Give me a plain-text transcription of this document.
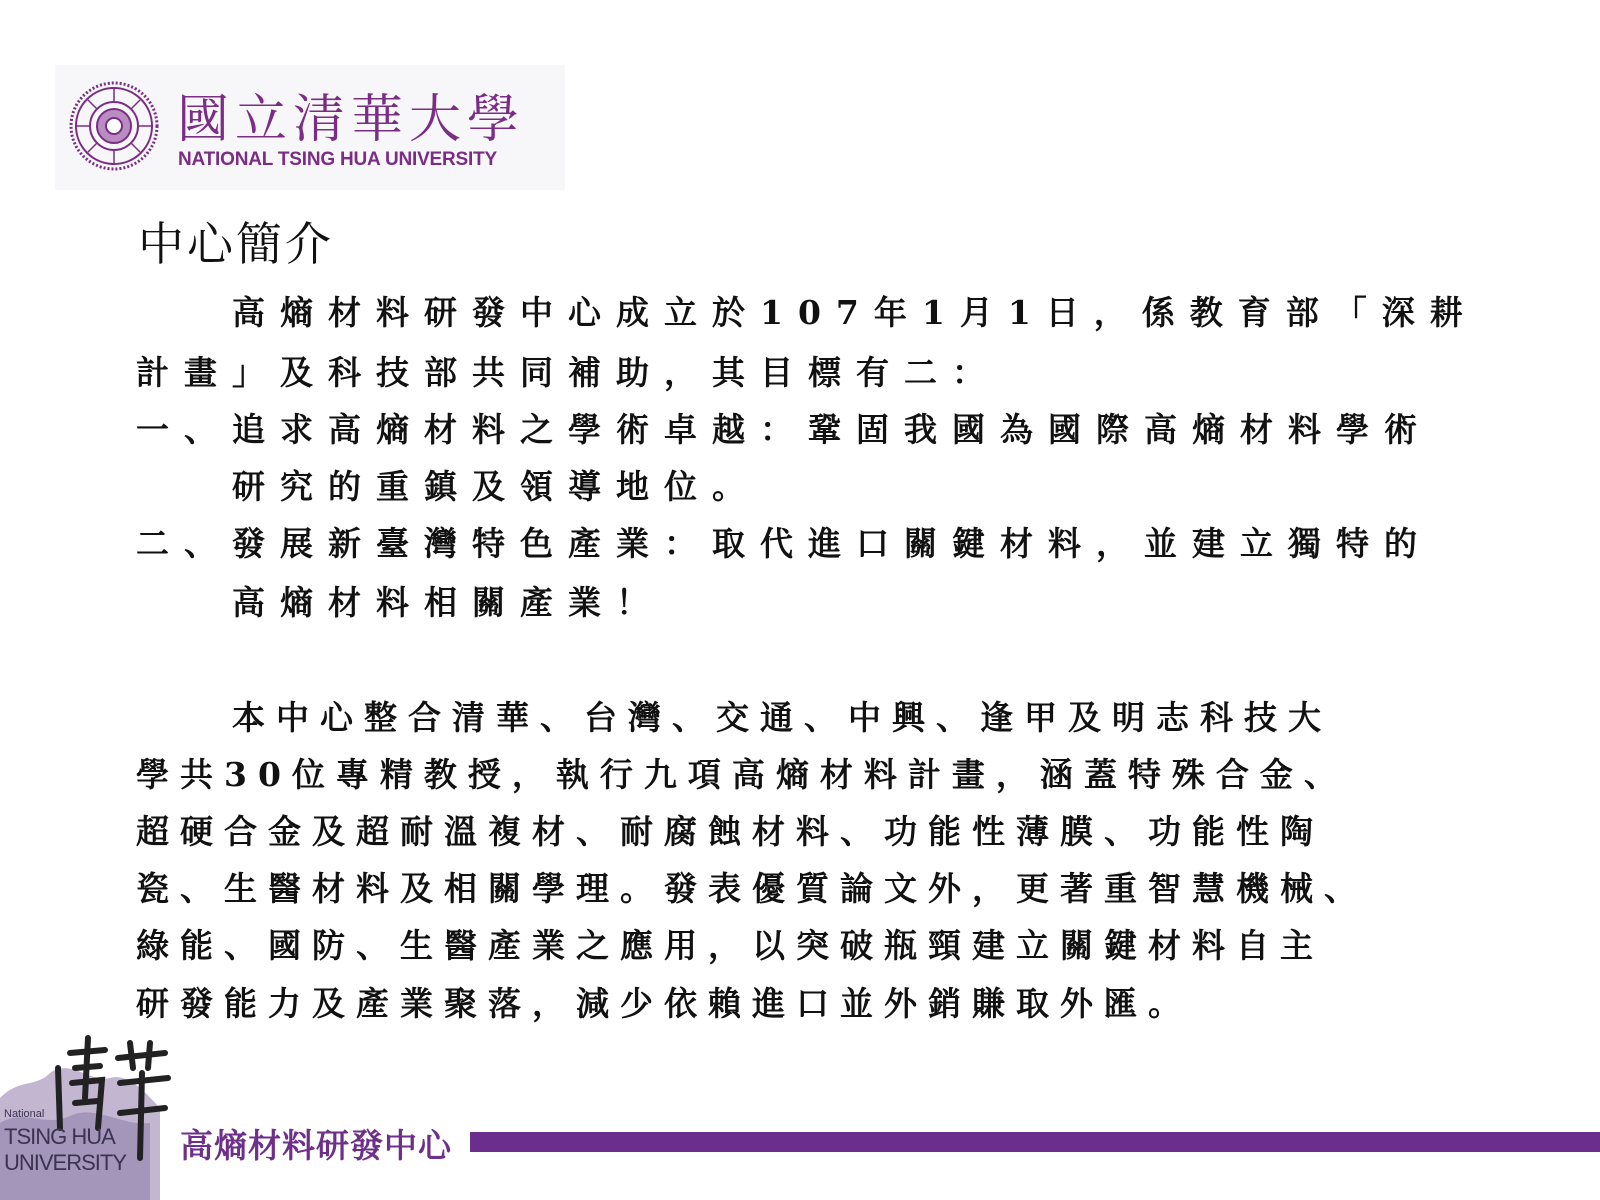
國立清華大學
NATIONAL TSING HUA UNIVERSITY
中心簡介
高熵材料研發中心成立於107年1月1日，係教育部「深耕
計畫」及科技部共同補助，其目標有二：
一、追求高熵材料之學術卓越：鞏固我國為國際高熵材料學術
研究的重鎮及領導地位。
二、發展新臺灣特色產業：取代進口關鍵材料，並建立獨特的
高熵材料相關產業！
本中心整合清華、台灣、交通、中興、逢甲及明志科技大
學共30位專精教授，執行九項高熵材料計畫，涵蓋特殊合金、
超硬合金及超耐溫複材、耐腐蝕材料、功能性薄膜、功能性陶
瓷、生醫材料及相關學理。發表優質論文外，更著重智慧機械、
綠能、國防、生醫產業之應用，以突破瓶頸建立關鍵材料自主
研發能力及產業聚落，減少依賴進口並外銷賺取外匯。
National
TSING HUA
UNIVERSITY 高熵材料研發中心
